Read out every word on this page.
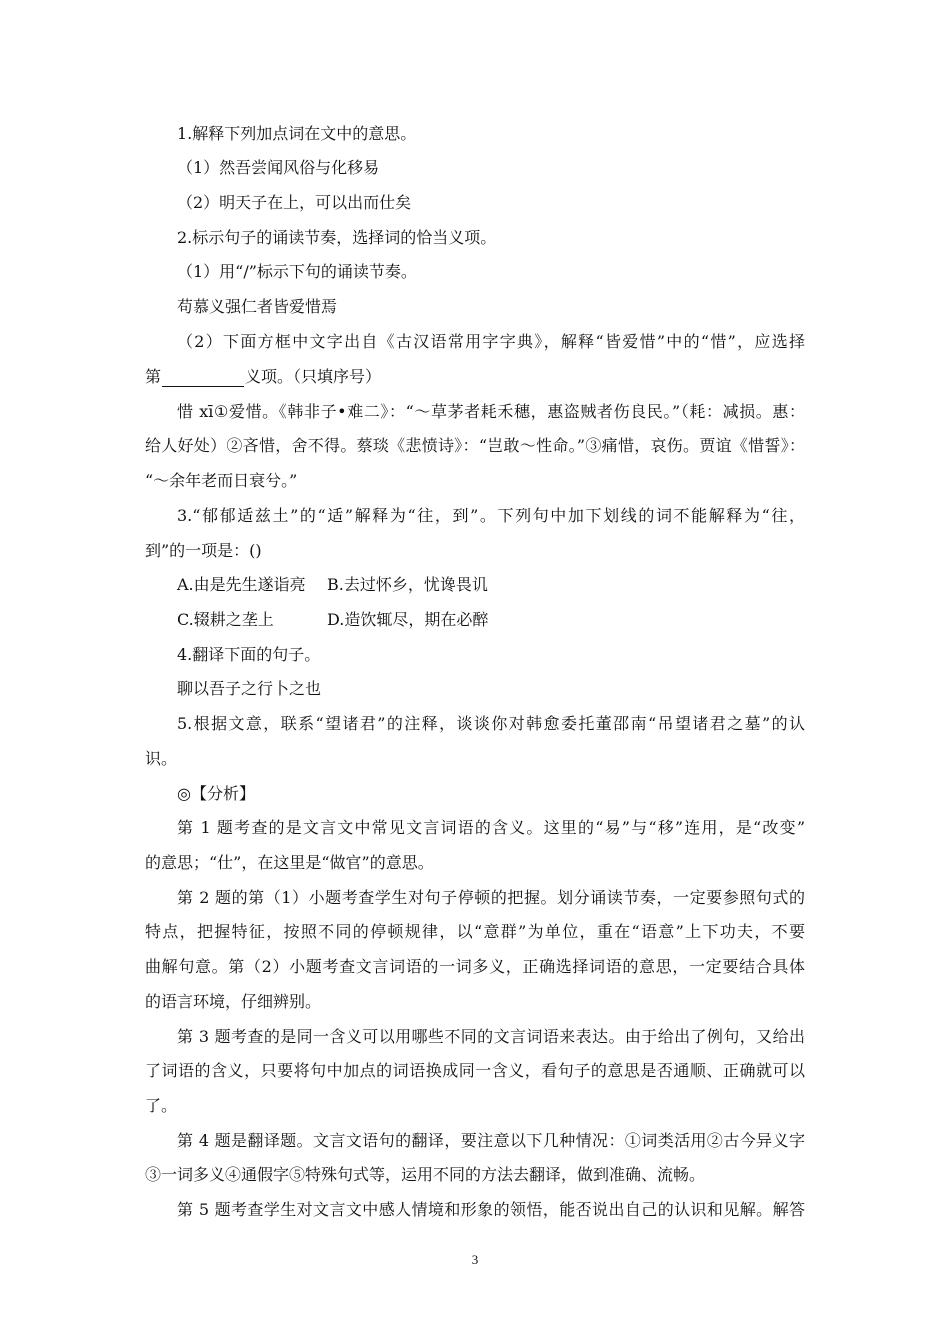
1.解释下列加点词在文中的意思。
（1）然吾尝闻风俗与化移易
（2）明天子在上，可以出而仕矣
2.标示句子的诵读节奏，选择词的恰当义项。
（1）用“/”标示下句的诵读节奏。
苟慕义强仁者皆爱惜焉
（2）下面方框中文字出自《古汉语常用字字典》，解释“皆爱惜”中的“惜”，应选择
第	义项。（只填序号）
惜 xī①爱惜。《韩非子•难二》：“～草茅者耗禾穗，惠盗贼者伤良民。”（耗：减损。惠：
给人好处）②吝惜，舍不得。蔡琰《悲愤诗》：“岂敢～性命。”③痛惜，哀伤。贾谊《惜誓》：
“～余年老而日衰兮。”
3.“郁郁适兹土”的“适”解释为“往，到”。下列句中加下划线的词不能解释为“往，
到”的一项是：()
A.由是先生遂诣亮 B.去过怀乡，忧谗畏讥
C.辍耕之垄上	D.造饮辄尽，期在必醉
4.翻译下面的句子。
聊以吾子之行卜之也
5.根据文意，联系“望诸君”的注释，谈谈你对韩愈委托董邵南“吊望诸君之墓”的认
识。
◎【分析】
第 1 题考查的是文言文中常见文言词语的含义。这里的“易”与“移”连用，是“改变”
的意思；“仕”，在这里是“做官”的意思。
第 2 题的第（1）小题考查学生对句子停顿的把握。划分诵读节奏，一定要参照句式的
特点，把握特征，按照不同的停顿规律，以“意群”为单位，重在“语意”上下功夫，不要
曲解句意。第（2）小题考查文言词语的一词多义，正确选择词语的意思，一定要结合具体
的语言环境，仔细辨别。
第 3 题考查的是同一含义可以用哪些不同的文言词语来表达。由于给出了例句，又给出
了词语的含义，只要将句中加点的词语换成同一含义，看句子的意思是否通顺、正确就可以
了。
第 4 题是翻译题。文言文语句的翻译，要注意以下几种情况：①词类活用②古今异义字
③一词多义④通假字⑤特殊句式等，运用不同的方法去翻译，做到准确、流畅。
第 5 题考查学生对文言文中感人情境和形象的领悟，能否说出自己的认识和见解。解答
3
